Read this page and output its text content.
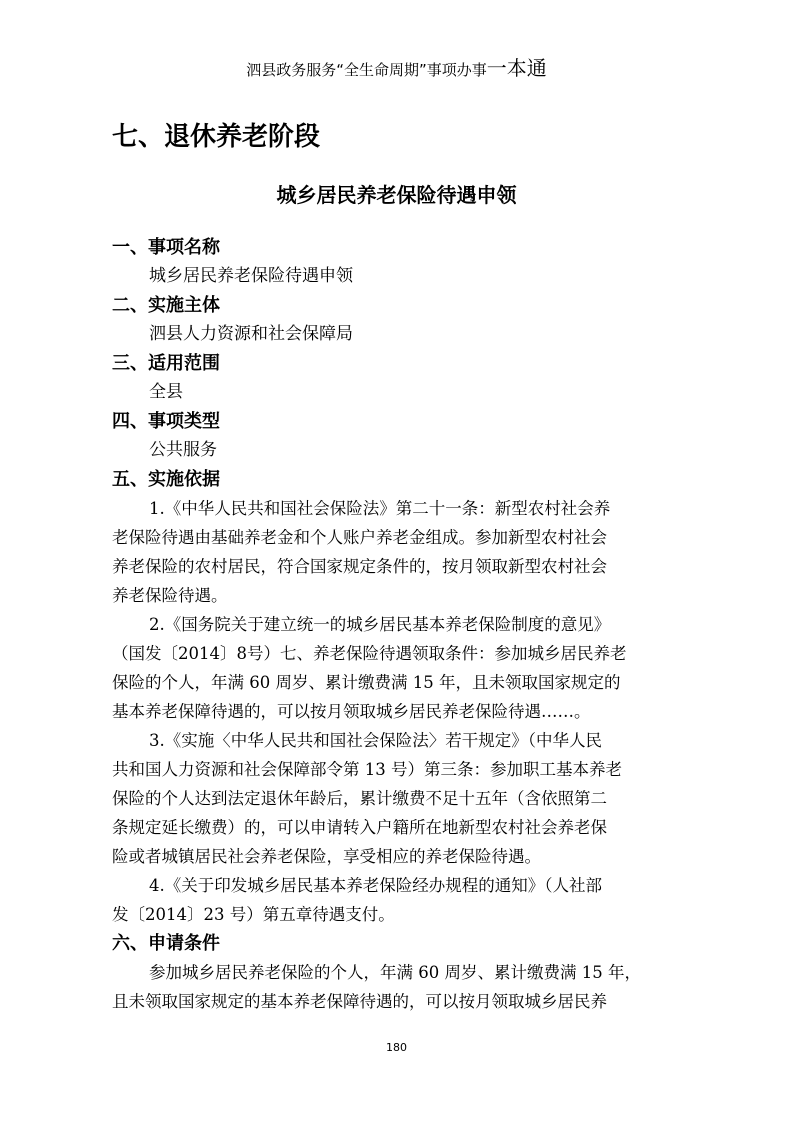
泗县政务服务“全生命周期”事项办事一本通
七、退休养老阶段
城乡居民养老保险待遇申领
一、事项名称
城乡居民养老保险待遇申领
二、实施主体
泗县人力资源和社会保障局
三、适用范围
全县
四、事项类型
公共服务
五、实施依据

1.《中华人民共和国社会保险法》第二十一条：新型农村社会养
老保险待遇由基础养老金和个人账户养老金组成。参加新型农村社会
养老保险的农村居民，符合国家规定条件的，按月领取新型农村社会
养老保险待遇。

2.《国务院关于建立统一的城乡居民基本养老保险制度的意见》
（国发〔2014〕8号）七、养老保险待遇领取条件：参加城乡居民养老
保险的个人，年满 60 周岁、累计缴费满 15 年，且未领取国家规定的
基本养老保障待遇的，可以按月领取城乡居民养老保险待遇……。

3.《实施〈中华人民共和国社会保险法〉若干规定》（中华人民
共和国人力资源和社会保障部令第 13 号）第三条：参加职工基本养老
保险的个人达到法定退休年龄后，累计缴费不足十五年（含依照第二
条规定延长缴费）的，可以申请转入户籍所在地新型农村社会养老保
险或者城镇居民社会养老保险，享受相应的养老保险待遇。

4.《关于印发城乡居民基本养老保险经办规程的通知》（人社部
发〔2014〕23 号）第五章待遇支付。

六、申请条件

参加城乡居民养老保险的个人，年满 60 周岁、累计缴费满 15 年，
且未领取国家规定的基本养老保障待遇的，可以按月领取城乡居民养

180
